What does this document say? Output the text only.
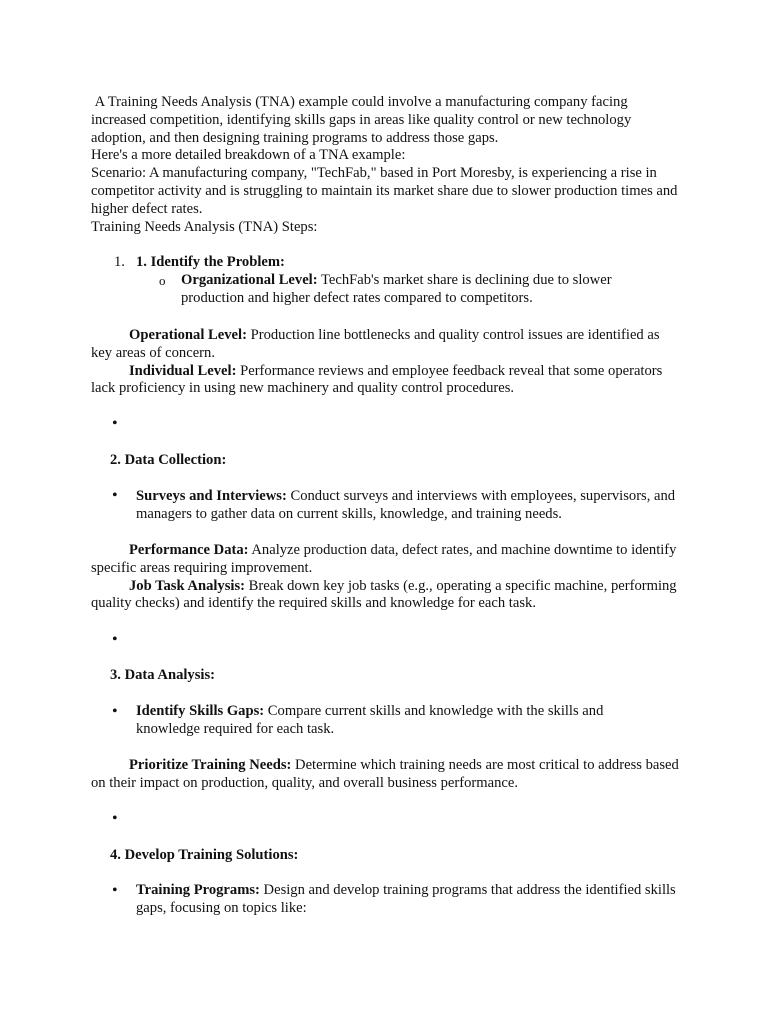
A Training Needs Analysis (TNA) example could involve a manufacturing company facing increased competition, identifying skills gaps in areas like quality control or new technology adoption, and then designing training programs to address those gaps.

Here's a more detailed breakdown of a TNA example:

Scenario: A manufacturing company, "TechFab," based in Port Moresby, is experiencing a rise in competitor activity and is struggling to maintain its market share due to slower production times and higher defect rates.

Training Needs Analysis (TNA) Steps:

1. 1. Identify the Problem:
o Organizational Level: TechFab's market share is declining due to slower production and higher defect rates compared to competitors.

Operational Level: Production line bottlenecks and quality control issues are identified as key areas of concern.

Individual Level: Performance reviews and employee feedback reveal that some operators lack proficiency in using new machinery and quality control procedures.

•
2. Data Collection:
• Surveys and Interviews: Conduct surveys and interviews with employees, supervisors, and managers to gather data on current skills, knowledge, and training needs.

Performance Data: Analyze production data, defect rates, and machine downtime to identify specific areas requiring improvement.

Job Task Analysis: Break down key job tasks (e.g., operating a specific machine, performing quality checks) and identify the required skills and knowledge for each task.

•
3. Data Analysis:
• Identify Skills Gaps: Compare current skills and knowledge with the skills and knowledge required for each task.

Prioritize Training Needs: Determine which training needs are most critical to address based on their impact on production, quality, and overall business performance.

•
4. Develop Training Solutions:
• Training Programs: Design and develop training programs that address the identified skills gaps, focusing on topics like:
